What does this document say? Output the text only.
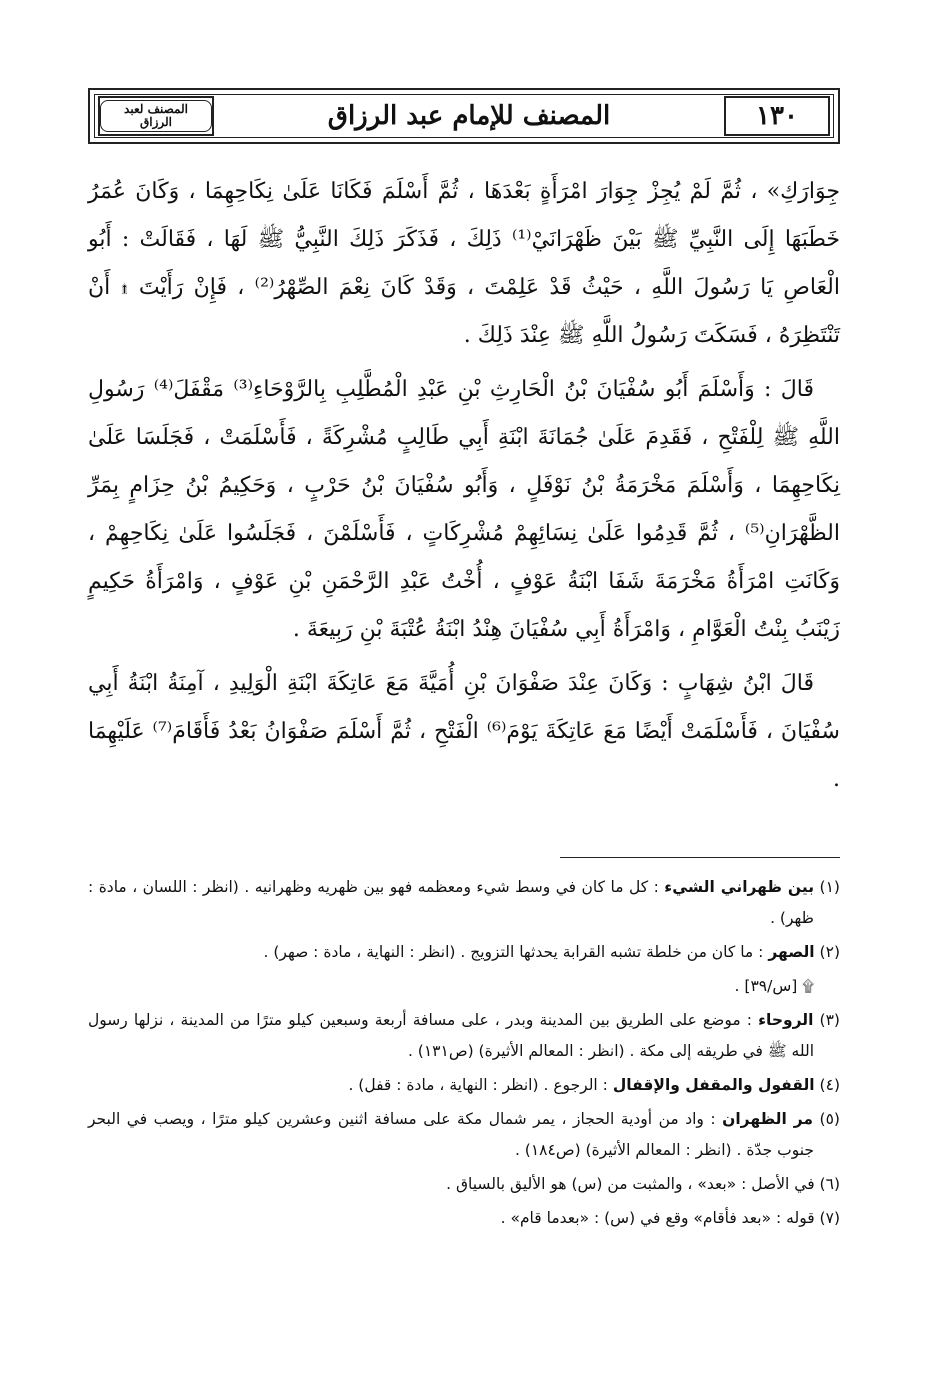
المصنف لعبد الرزاق	المصنف للإمام عبد الرزاق	١٣٠

جِوَارَكِ» ، ثُمَّ لَمْ يُجِزْ جِوَارَ امْرَأَةٍ بَعْدَهَا ، ثُمَّ أَسْلَمَ فَكَانَا عَلَىٰ نِكَاحِهِمَا ، وَكَانَ عُمَرُ خَطَبَهَا إِلَى النَّبِيِّ ﷺ بَيْنَ ظَهْرَانَيْ⁽¹⁾ ذَلِكَ ، فَذَكَرَ ذَلِكَ النَّبِيُّ ﷺ لَهَا ، فَقَالَتْ : أَبُو الْعَاصِ يَا رَسُولَ اللَّهِ ، حَيْثُ قَدْ عَلِمْتَ ، وَقَدْ كَانَ نِعْمَ الصِّهْرُ⁽²⁾ ، فَإِنْ رَأَيْتَ ۩ أَنْ تَنْتَظِرَهُ ، فَسَكَتَ رَسُولُ اللَّهِ ﷺ عِنْدَ ذَلِكَ .

قَالَ : وَأَسْلَمَ أَبُو سُفْيَانَ بْنُ الْحَارِثِ بْنِ عَبْدِ الْمُطَّلِبِ بِالرَّوْحَاءِ⁽³⁾ مَقْفَلَ⁽⁴⁾ رَسُولِ اللَّهِ ﷺ لِلْفَتْحِ ، فَقَدِمَ عَلَىٰ جُمَانَةَ ابْنَةِ أَبِي طَالِبٍ مُشْرِكَةً ، فَأَسْلَمَتْ ، فَجَلَسَا عَلَىٰ نِكَاحِهِمَا ، وَأَسْلَمَ مَخْرَمَةُ بْنُ نَوْفَلٍ ، وَأَبُو سُفْيَانَ بْنُ حَرْبٍ ، وَحَكِيمُ بْنُ حِزَامٍ بِمَرِّ الظَّهْرَانِ⁽⁵⁾ ، ثُمَّ قَدِمُوا عَلَىٰ نِسَائِهِمْ مُشْرِكَاتٍ ، فَأَسْلَمْنَ ، فَجَلَسُوا عَلَىٰ نِكَاحِهِمْ ، وَكَانَتِ امْرَأَةُ مَخْرَمَةَ شَفَا ابْنَةُ عَوْفٍ ، أُخْتُ عَبْدِ الرَّحْمَنِ بْنِ عَوْفٍ ، وَامْرَأَةُ حَكِيمٍ زَيْنَبُ بِنْتُ الْعَوَّامِ ، وَامْرَأَةُ أَبِي سُفْيَانَ هِنْدُ ابْنَةُ عُتْبَةَ بْنِ رَبِيعَةَ .

قَالَ ابْنُ شِهَابٍ : وَكَانَ عِنْدَ صَفْوَانَ بْنِ أُمَيَّةَ مَعَ عَاتِكَةَ ابْنَةِ الْوَلِيدِ ، آمِنَةُ ابْنَةُ أَبِي سُفْيَانَ ، فَأَسْلَمَتْ أَيْضًا مَعَ عَاتِكَةَ يَوْمَ⁽⁶⁾ الْفَتْحِ ، ثُمَّ أَسْلَمَ صَفْوَانُ بَعْدُ فَأَقَامَ⁽⁷⁾ عَلَيْهِمَا .

(١) بين ظهراني الشيء : كل ما كان في وسط شيء ومعظمه فهو بين ظهريه وظهرانيه . (انظر : اللسان ، مادة : ظهر) .
(٢) الصهر : ما كان من خلطة تشبه القرابة يحدثها التزويج . (انظر : النهاية ، مادة : صهر) .
۩ [س/٣٩] .
(٣) الروحاء : موضع على الطريق بين المدينة وبدر ، على مسافة أربعة وسبعين كيلو مترًا من المدينة ، نزلها رسول الله ﷺ في طريقه إلى مكة . (انظر : المعالم الأثيرة) (ص١٣١) .
(٤) القفول والمقفل والإقفال : الرجوع . (انظر : النهاية ، مادة : قفل) .
(٥) مر الظهران : واد من أودية الحجاز ، يمر شمال مكة على مسافة اثنين وعشرين كيلو مترًا ، ويصب في البحر جنوب جدّة . (انظر : المعالم الأثيرة) (ص١٨٤) .
(٦) في الأصل : «بعد» ، والمثبت من (س) هو الأليق بالسياق .
(٧) قوله : «بعد فأقام» وقع في (س) : «بعدما قام» .
